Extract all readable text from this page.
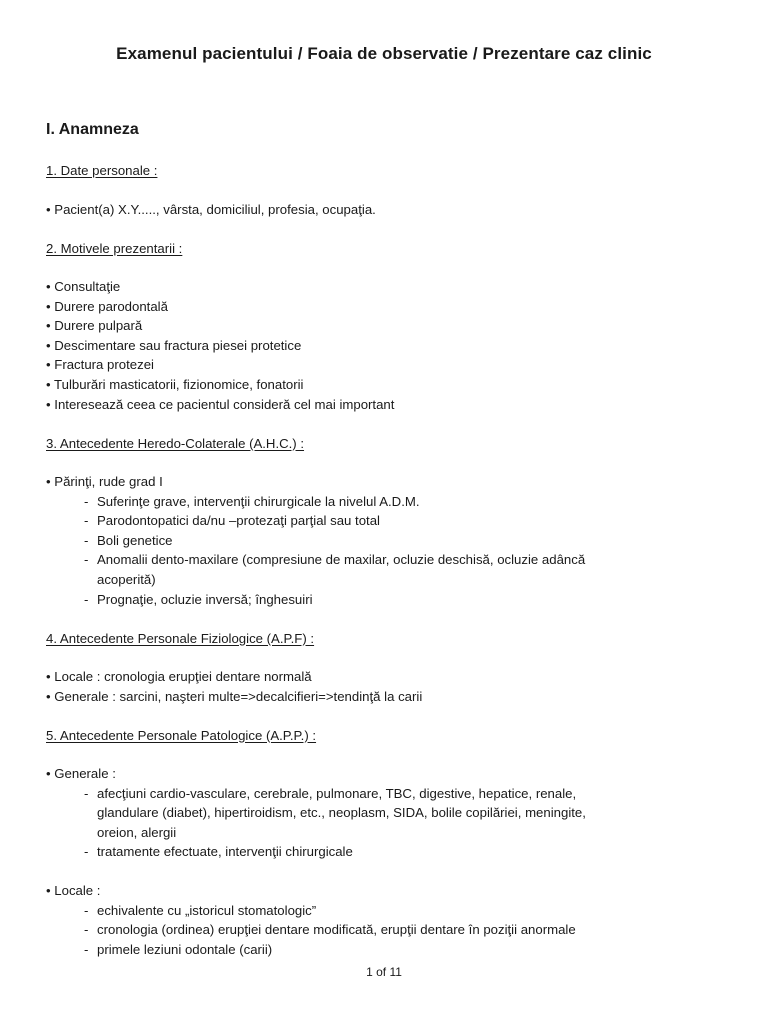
Examenul pacientului / Foaia de observatie / Prezentare caz clinic
I. Anamneza
1. Date personale :
• Pacient(a) X.Y....., vârsta, domiciliul, profesia, ocupaţia.
2. Motivele prezentarii :
• Consultaţie
• Durere parodontală
• Durere pulpară
• Descimentare sau fractura piesei protetice
• Fractura protezei
• Tulburări masticatorii, fizionomice, fonatorii
• Interesează ceea ce pacientul consideră cel mai important
3. Antecedente Heredo-Colaterale (A.H.C.) :
• Părinţi, rude grad I
- Suferinţe grave, intervenţii chirurgicale la nivelul A.D.M.
- Parodontopatici da/nu –protezaţi parţial sau total
- Boli genetice
- Anomalii dento-maxilare (compresiune de maxilar, ocluzie deschisă, ocluzie adâncă
acoperită)
- Prognaţie, ocluzie inversă; înghesuiri
4. Antecedente Personale Fiziologice (A.P.F) :
• Locale : cronologia erupţiei dentare normală
• Generale : sarcini, naşteri multe=>decalcifieri=>tendinţă la carii
5. Antecedente Personale Patologice (A.P.P.) :
• Generale :
- afecţiuni cardio-vasculare, cerebrale, pulmonare, TBC, digestive, hepatice, renale,
glandulare (diabet), hipertiroidism, etc., neoplasm, SIDA, bolile copilăriei, meningite,
oreion, alergii
- tratamente efectuate, intervenţii chirurgicale
• Locale :
- echivalente cu „istoricul stomatologic”
- cronologia (ordinea) erupţiei dentare modificată, erupţii dentare în poziţii anormale
- primele leziuni odontale (carii)
1 of 11
